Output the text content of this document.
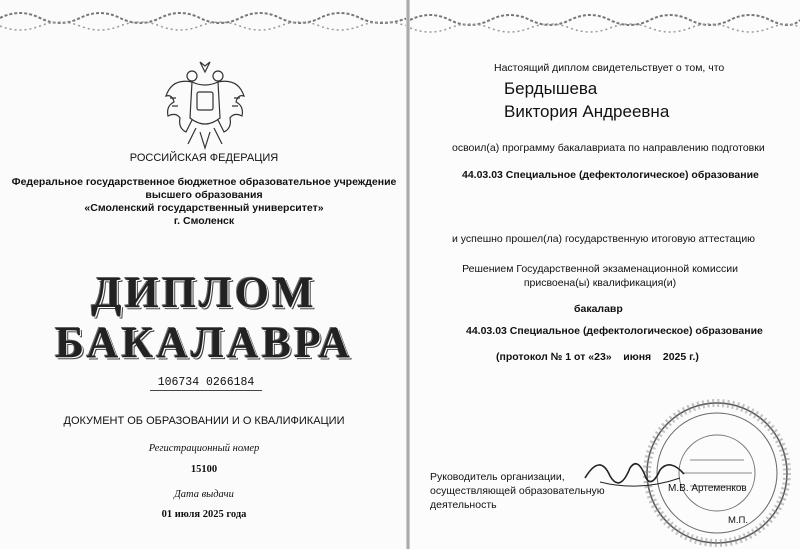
РОССИЙСКАЯ ФЕДЕРАЦИЯ
Федеральное государственное бюджетное образовательное учреждение
высшего образования
«Смоленский государственный университет»
г. Смоленск
ДИПЛОМ
БАКАЛАВРА
106734 0266184
ДОКУМЕНТ ОБ ОБРАЗОВАНИИ И О КВАЛИФИКАЦИИ
Регистрационный номер
15100
Дата выдачи
01 июля 2025 года
Настоящий диплом свидетельствует о том, что
Бердышева
Виктория Андреевна
освоил(а) программу бакалавриата по направлению подготовки
44.03.03 Специальное (дефектологическое) образование
и успешно прошел(ла) государственную итоговую аттестацию
Решением Государственной экзаменационной комиссии
присвоена(ы) квалификация(и)
бакалавр
44.03.03 Специальное (дефектологическое) образование
(протокол № 1 от «23»    июня    2025 г.)
Руководитель организации,
осуществляющей образовательную
деятельность
М.В. Артеменков
М.П.
